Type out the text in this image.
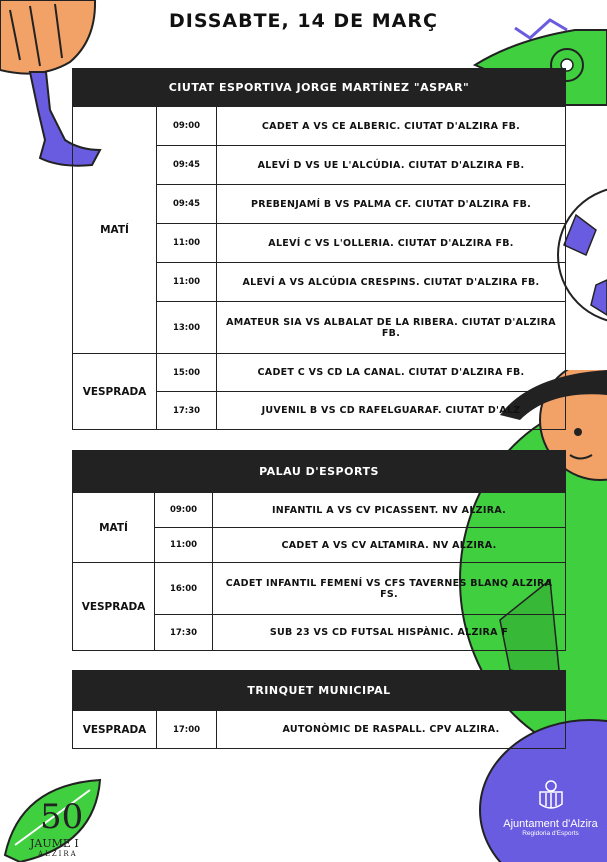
50
JAUME I
ALZIRA
Ajuntament d'Alzira
Regidoria d'Esports
DISSABTE, 14 DE MARÇ
CIUTAT ESPORTIVA JORGE MARTÍNEZ "ASPAR"		
MATÍ	09:00	CADET A VS CE ALBERIC. CIUTAT D'ALZIRA FB.
	09:45	ALEVÍ D VS UE L'ALCÚDIA. CIUTAT D'ALZIRA FB.
	09:45	PREBENJAMÍ B VS PALMA CF. CIUTAT D'ALZIRA FB.
	11:00	ALEVÍ C VS L'OLLERIA. CIUTAT D'ALZIRA FB.
	11:00	ALEVÍ A VS ALCÚDIA CRESPINS. CIUTAT D'ALZIRA FB.
	13:00	AMATEUR SIA VS ALBALAT DE LA RIBERA. CIUTAT D'ALZIRA FB.
VESPRADA	15:00	CADET C VS CD LA CANAL. CIUTAT D'ALZIRA FB.
	17:30	JUVENIL B VS CD RAFELGUARAF. CIUTAT D'ALZ
PALAU D'ESPORTS		
MATÍ	09:00	INFANTIL A VS CV PICASSENT. NV ALZIRA.
	11:00	CADET A VS CV ALTAMIRA. NV ALZIRA.
VESPRADA	16:00	CADET INFANTIL FEMENÍ VS CFS TAVERNES BLANQ ALZIRA FS.
	17:30	SUB 23 VS CD FUTSAL HISPÀNIC. ALZIRA F
TRINQUET MUNICIPAL
VESPRADA	17:00	AUTONÒMIC DE RASPALL. CPV ALZIRA.
